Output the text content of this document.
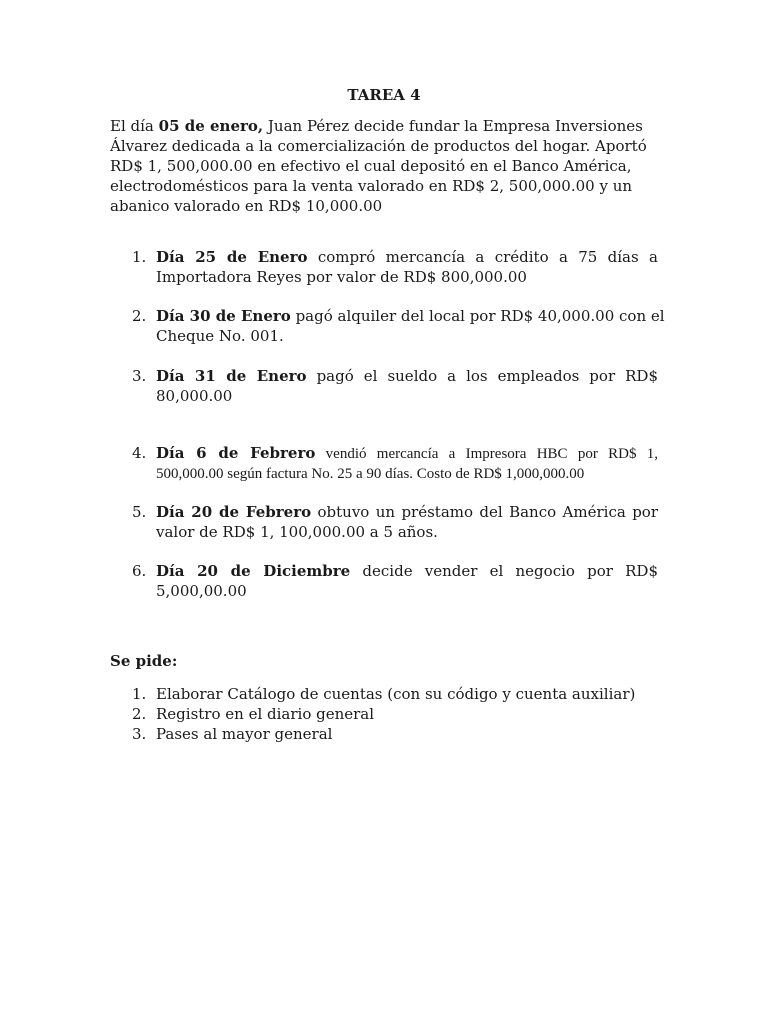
TAREA 4
El día 05 de enero, Juan Pérez decide fundar la Empresa Inversiones
Álvarez dedicada a la comercialización de productos del hogar. Aportó
RD$ 1, 500,000.00 en efectivo el cual depositó en el Banco América,
electrodomésticos para la venta valorado en RD$ 2, 500,000.00 y un
abanico valorado en RD$ 10,000.00
1. Día 25 de Enero compró mercancía a crédito a 75 días a
Importadora Reyes por valor de RD$ 800,000.00
2. Día 30 de Enero pagó alquiler del local por RD$ 40,000.00 con el
Cheque No. 001.
3. Día 31 de Enero pagó el sueldo a los empleados por RD$
80,000.00
4. Día 6 de Febrero vendió mercancía a Impresora HBC por RD$ 1,
500,000.00 según factura No. 25 a 90 días. Costo de RD$ 1,000,000.00
5. Día 20 de Febrero obtuvo un préstamo del Banco América por
valor de RD$ 1, 100,000.00 a 5 años.
6. Día 20 de Diciembre decide vender el negocio por RD$
5,000,00.00
Se pide:
1. Elaborar Catálogo de cuentas (con su código y cuenta auxiliar)
2. Registro en el diario general
3. Pases al mayor general
